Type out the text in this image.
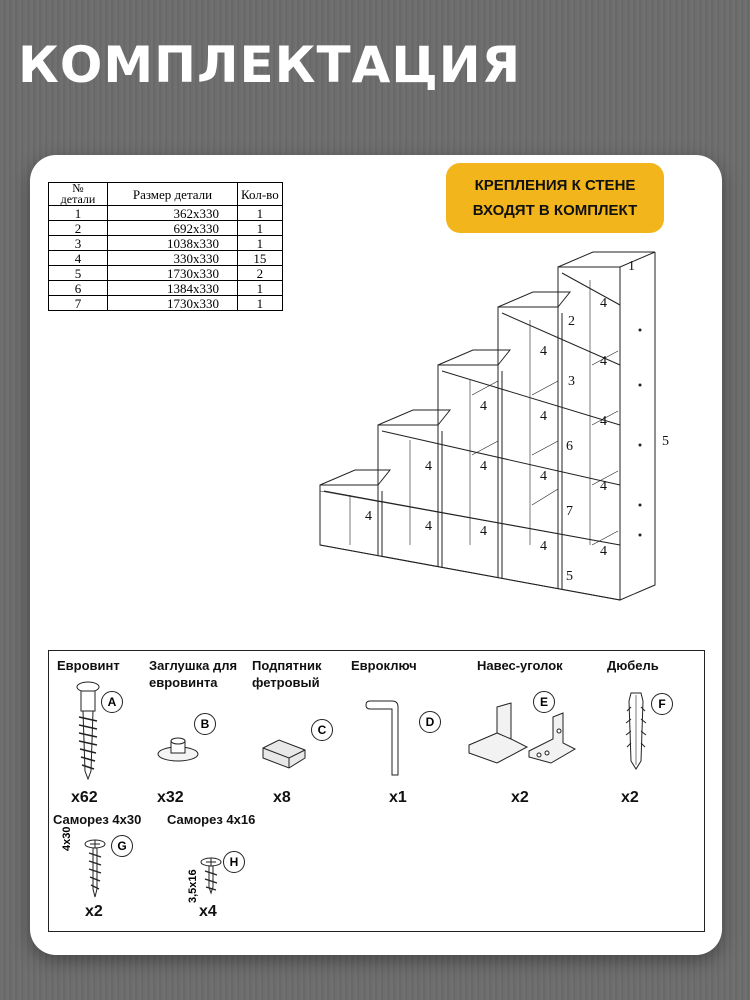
КОМПЛЕКТАЦИЯ
№
детали	Размер детали	Кол-во
1	362x330	1
2	692x330	1
3	1038x330	1
4	330x330	15
5	1730x330	2
6	1384x330	1
7	1730x330	1
КРЕПЛЕНИЯ К СТЕНЕ
ВХОДЯТ В КОМПЛЕКТ
1
2
3
4
4
4
4
4
4
4
4
4
4
4
4
4
4
4
5
5
6
7
Евровинт
A
x62
Заглушка для
евровинта
B
x32
Подпятник
фетровый
C
x8
Евроключ
D
x1
Навес-уголок
E
x2
Дюбель
F
x2
Саморез 4x30
4x30	G
x2
Саморез 4x16
3,5x16
H
x4
